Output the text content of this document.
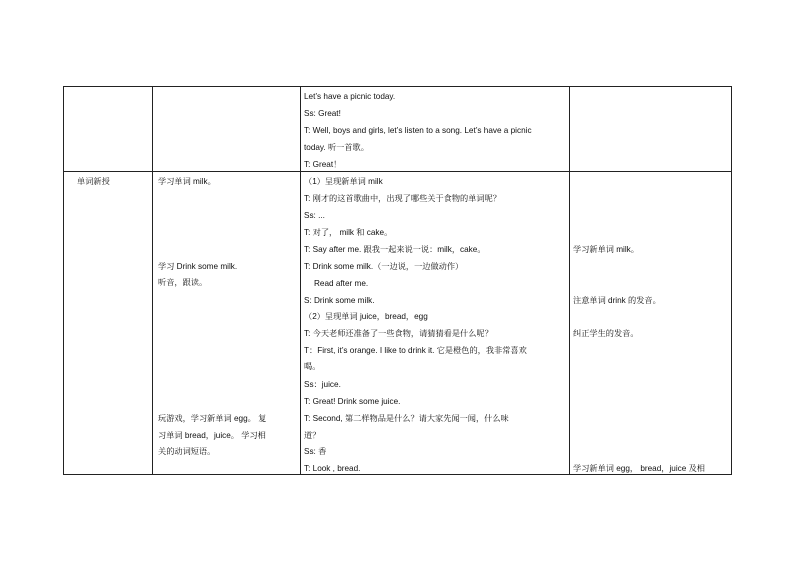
Let’s have a picnic today.
Ss: Great!
T: Well, boys and girls, let’s listen to a song. Let’s have a picnic
today. 听一首歌。
T: Great！
单词新授	学习单词 milk。
学习 Drink some milk.
听音，跟读。
玩游戏，学习新单词 egg。 复
习单词 bread，juice。 学习相
关的动词短语。
（1）呈现新单词 milk
T: 刚才的这首歌曲中，出现了哪些关于食物的单词呢？
Ss: ...
T: 对了， milk 和 cake。
T: Say after me. 跟我一起来说一说：milk，cake。
T: Drink some milk.（一边说，一边做动作）
Read after me.
S: Drink some milk.
（2）呈现单词 juice，bread，egg
T: 今天老师还准备了一些食物，请猜猜看是什么呢？
T：First, it’s orange. I like to drink it. 它是橙色的，我非常喜欢
喝。
Ss：juice.
T: Great! Drink some juice.
T: Second, 第二样物品是什么？请大家先闻一闻，什么味
道？
Ss: 香
T: Look , bread.
学习新单词 milk。
注意单词 drink 的发音。
纠正学生的发音。
学习新单词 egg， bread，juice 及相
